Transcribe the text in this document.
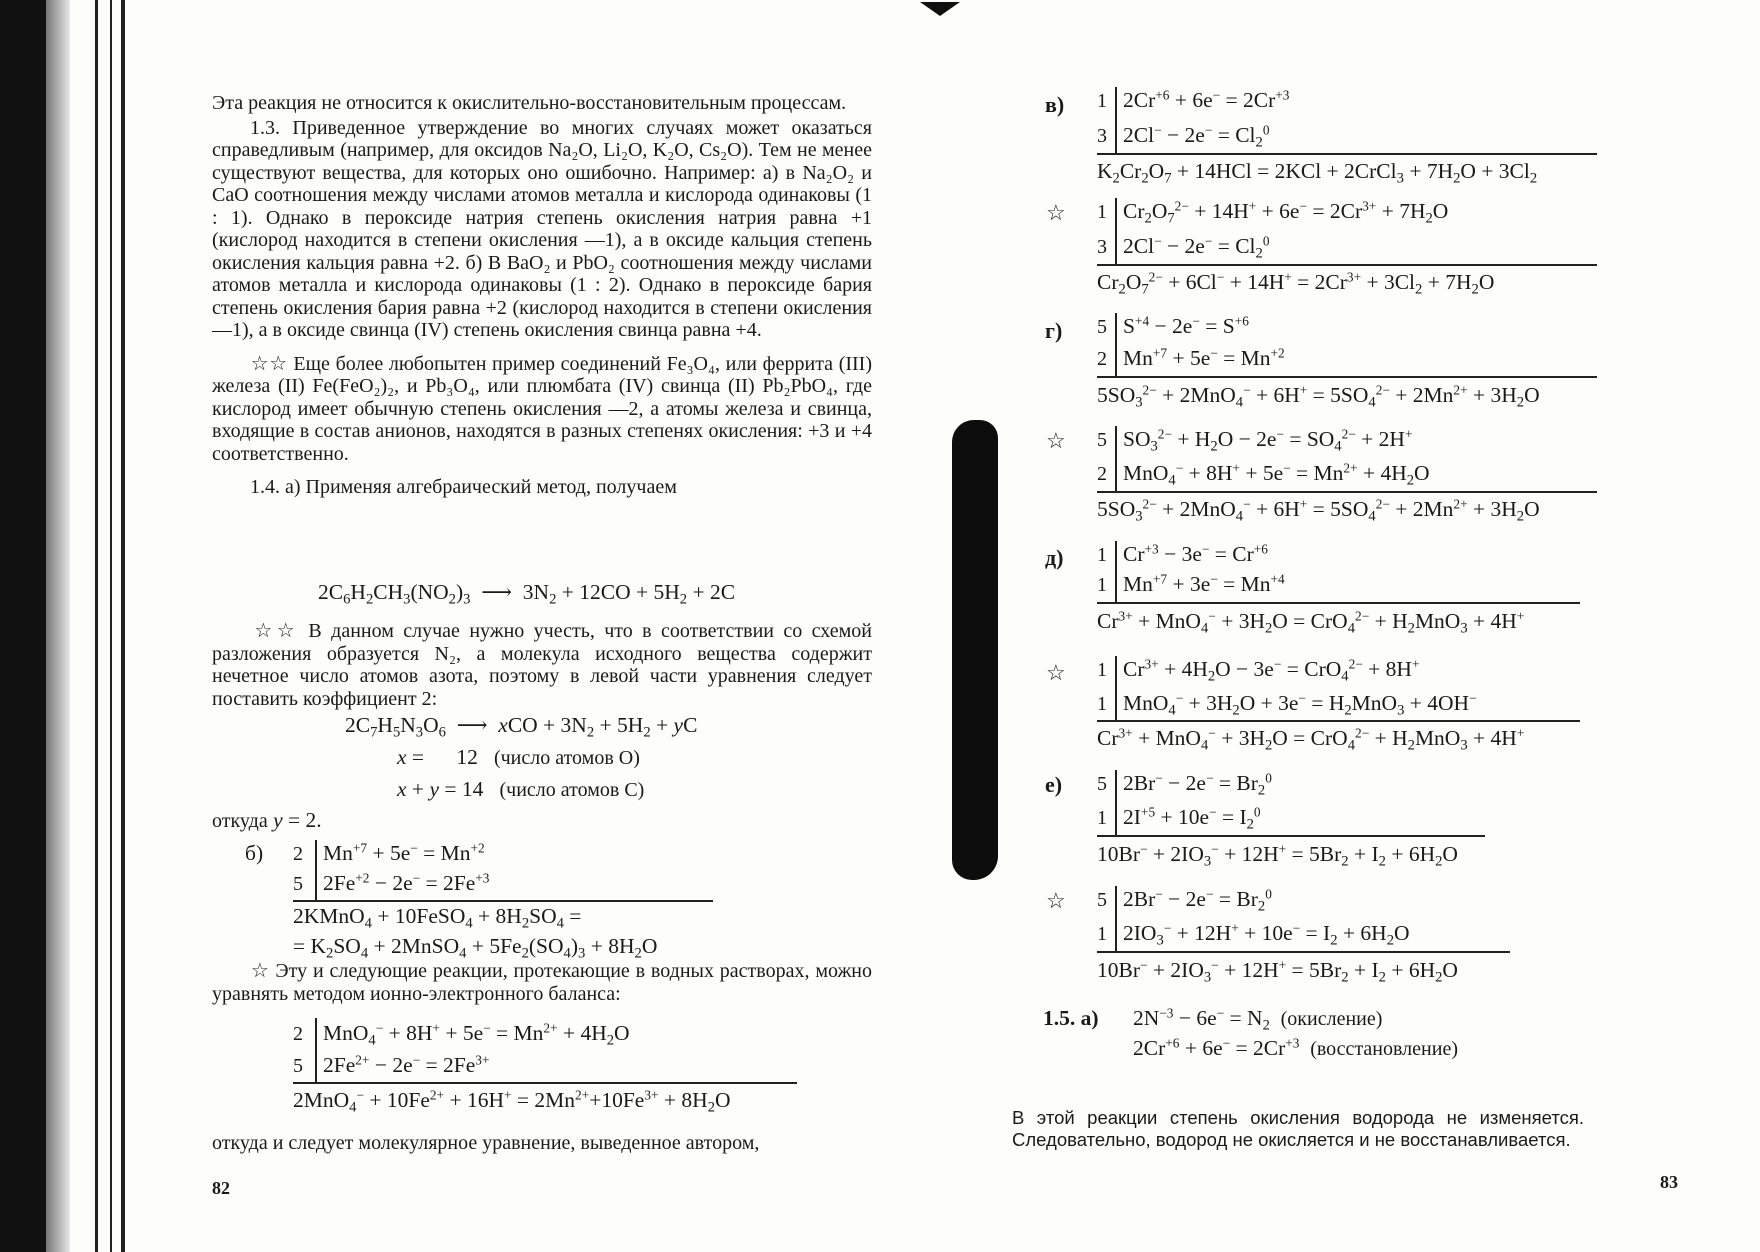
Эта реакция не относится к окислительно-восстановительным процессам.

1.3. Приведенное утверждение во многих случаях может оказаться справедливым (например, для оксидов Na₂O, Li₂O, K₂O, Cs₂O). Тем не менее существуют вещества, для которых оно ошибочно. Например: а) в Na₂O₂ и CaO соотношения между числами атомов металла и кислорода одинаковы (1 : 1). Однако в пероксиде натрия степень окисления натрия равна +1 (кислород находится в степени окисления —1), а в оксиде кальция степень окисления кальция равна +2. б) В BaO₂ и PbO₂ соотношения между числами атомов металла и кислорода одинаковы (1 : 2). Однако в пероксиде бария степень окисления бария равна +2 (кислород находится в степени окисления —1), а в оксиде свинца (IV) степень окисления свинца равна +4.

☆☆ Еще более любопытен пример соединений Fe₃O₄, или феррита (III) железа (II) Fe(FeO₂)₂, и Pb₃O₄, или плюмбата (IV) свинца (II) Pb₂PbO₄, где кислород имеет обычную степень окисления —2, а атомы железа и свинца, входящие в состав анионов, находятся в разных степенях окисления: +3 и +4 соответственно.

1.4. а) Применяя алгебраический метод, получаем

$2C_6H_2CH_3(NO_2)_3$  ⟶  $3N_2 + 12CO + 5H_2 + 2C$

☆☆ В данном случае нужно учесть, что в соответствии со схемой разложения образуется N₂, а молекула исходного вещества содержит нечетное число атомов азота, поэтому в левой части уравнения следует поставить коэффициент 2:

$2C_7H_5N_3O_6$  ⟶  xCO + $3N_2 + 5H_2$ + yC
x =      12 (число атомов О)
x + y = 14 (число атомов С)
откуда y = 2.
б) 2
5
$Mn^{+7} + 5e^- = Mn^{+2}$
$2Fe^{+2} - 2e^- = 2Fe^{+3}$
2KMnO$_4$ + 10FeSO$_4$ + $8H_2SO_4$ =
= $K_2SO_4$ + 2MnSO$_4$ + $5Fe_2(SO_4)_3 + 8H_2O$

☆ Эту и следующие реакции, протекающие в водных растворах, можно уравнять методом ионно-электронного баланса:

2
5
$MnO_4^- + 8H^+ + 5e^- = Mn^{2+} + 4H_2O$
$2Fe^{2+} - 2e^- = 2Fe^{3+}$
$2MnO_4^- + 10Fe^{2+} + 16H^+ = 2Mn^{2+}+10Fe^{3+} + 8H_2O$

откуда и следует молекулярное уравнение, выведенное автором,

82
в) 1
3
$2Cr^{+6} + 6e^- = 2Cr^{+3}$
$2Cl^- - 2e^- = Cl_2^0$
$K_2Cr_2O_7 + 14HCl = 2KCl$ + 2CrCl$_3$ + $7H_2O + 3Cl_2$
☆ 1
3
$Cr_2O_7^{2-} + 14H^+ + 6e^- = 2Cr^{3+} + 7H_2O$
$2Cl^- - 2e^- = Cl_2^0$
$Cr_2O_7^{2-} + 6Cl^- + 14H^+ = 2Cr^{3+} + 3Cl_2 + 7H_2O$
г) 5
2
$S^{+4} - 2e^- = S^{+6}$
$Mn^{+7} + 5e^- = Mn^{+2}$
$5SO_3^{2-} + 2MnO_4^- + 6H^+ = 5SO_4^{2-} + 2Mn^{2+} + 3H_2O$
☆ 5
2
$SO_3^{2-} + H_2O - 2e^- = SO_4^{2-} + 2H^+$
$MnO_4^- + 8H^+ + 5e^- = Mn^{2+} + 4H_2O$
$5SO_3^{2-} + 2MnO_4^- + 6H^+ = 5SO_4^{2-} + 2Mn^{2+} + 3H_2O$
д) 1
1
$Cr^{+3} - 3e^- = Cr^{+6}$
$Mn^{+7} + 3e^- = Mn^{+4}$
$Cr^{3+} + MnO_4^- + 3H_2O = CrO_4^{2-} + H_2MnO_3 + 4H^+$
☆ 1
1
$Cr^{3+} + 4H_2O - 3e^- = CrO_4^{2-} + 8H^+$
$MnO_4^- + 3H_2O + 3e^- = H_2MnO_3 + 4OH^-$
$Cr^{3+} + MnO_4^- + 3H_2O = CrO_4^{2-} + H_2MnO_3 + 4H^+$
е) 5
1
$2Br^- - 2e^- = Br_2^0$
$2I^{+5} + 10e^- = I_2^0$
$10Br^- + 2IO_3^- + 12H^+ = 5Br_2 + I_2 + 6H_2O$
☆ 5
1
$2Br^- - 2e^- = Br_2^0$
$2IO_3^- + 12H^+ + 10e^- = I_2 + 6H_2O$
$10Br^- + 2IO_3^- + 12H^+ = 5Br_2 + I_2 + 6H_2O$
1.5. а) $2N^{-3} - 6e^- = N_2$ (окисление)
$2Cr^{+6} + 6e^- = 2Cr^{+3}$ (восстановление)

В этой реакции степень окисления водорода не изменяется. Следовательно, водород не окисляется и не восстанавливается.

83
